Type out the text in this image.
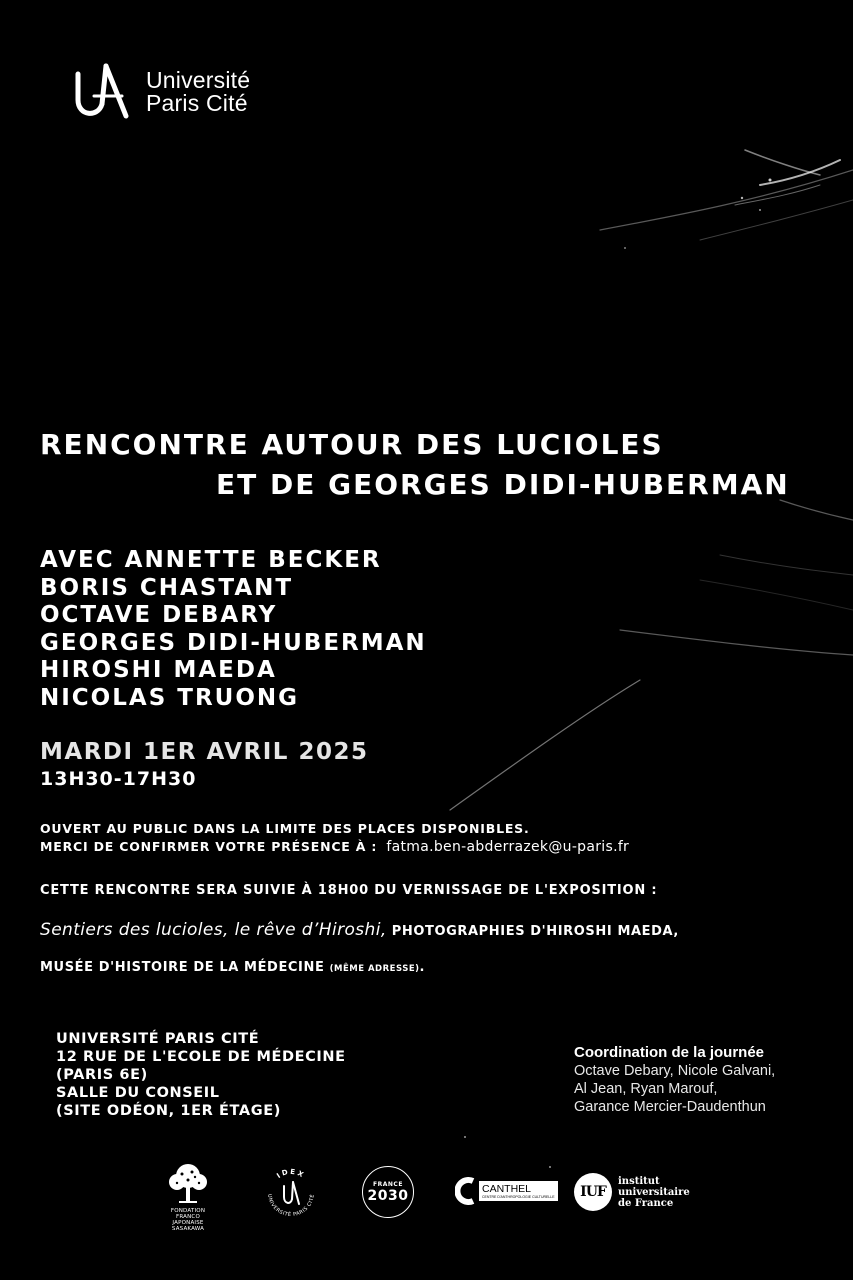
Université
Paris Cité
RENCONTRE AUTOUR DES LUCIOLES
ET DE GEORGES DIDI-HUBERMAN
AVEC ANNETTE BECKER
BORIS CHASTANT
OCTAVE DEBARY
GEORGES DIDI-HUBERMAN
HIROSHI MAEDA
NICOLAS TRUONG
MARDI 1ER AVRIL 2025
13H30-17H30
OUVERT AU PUBLIC DANS LA LIMITE DES PLACES DISPONIBLES.
MERCI DE CONFIRMER VOTRE PRÉSENCE À : fatma.ben-abderrazek@u-paris.fr
CETTE RENCONTRE SERA SUIVIE À 18H00 DU VERNISSAGE DE L'EXPOSITION :
Sentiers des lucioles, le rêve d’Hiroshi, PHOTOGRAPHIES D'HIROSHI MAEDA,
MUSÉE D'HISTOIRE DE LA MÉDECINE (MÊME ADRESSE).
UNIVERSITÉ PARIS CITÉ
12 RUE DE L'ECOLE DE MÉDECINE
(PARIS 6E)
SALLE DU CONSEIL
(SITE ODÉON, 1ER ÉTAGE)
Coordination de la journée
Octave Debary, Nicole Galvani,
Al Jean, Ryan Marouf,
Garance Mercier-Daudenthun
FONDATION FRANCO JAPONAISE SASAKAWA
IDEX
UNIVERSITÉ PARIS CITÉ
FRANCE
2030	CANTHEL
CENTRE D'ANTHROPOLOGIE CULTURELLE	IUF
institut
universitaire
de France
